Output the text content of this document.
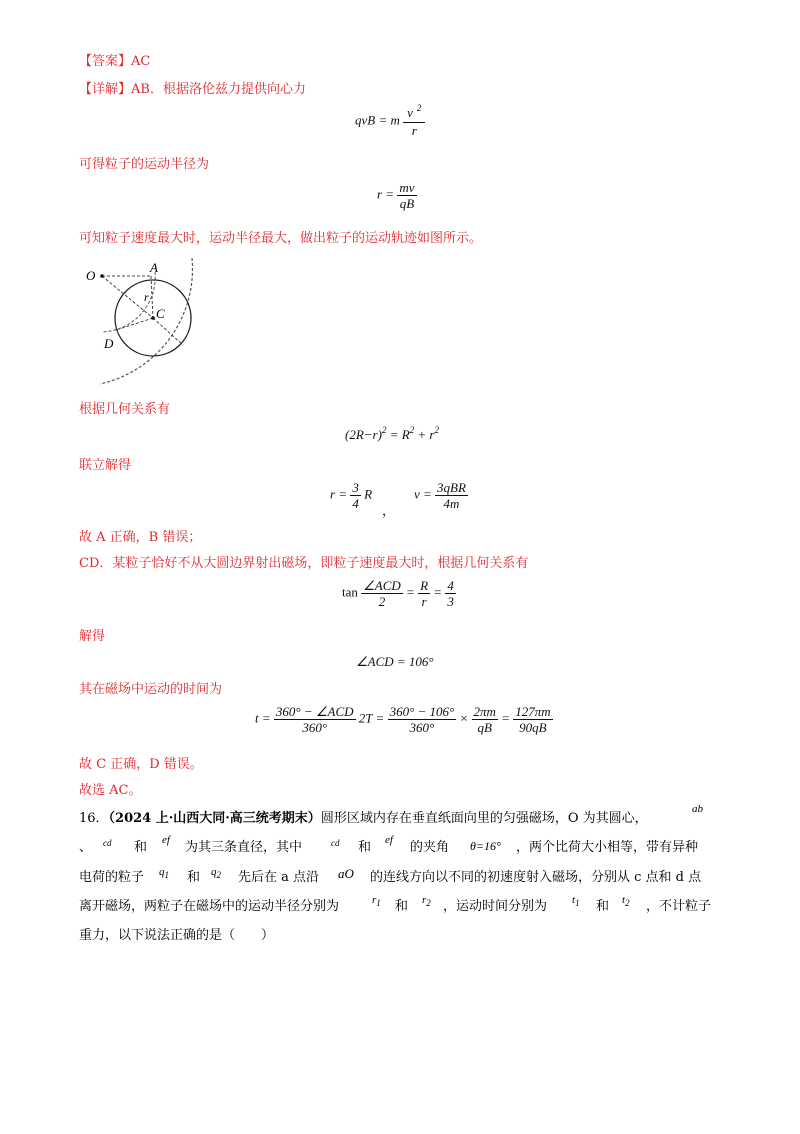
【答案】AC
【详解】AB．根据洛伦兹力提供向心力
qvB = m $\frac{v ^2}{r}$
可得粒子的运动半径为
$r = \frac{mv}{qB}$
可知粒子速度最大时，运动半径最大，做出粒子的运动轨迹如图所示。
O
A
r
C
D
根据几何关系有
$(2R-r)^2 = R^2 + r^2$
联立解得
$r = \frac{3}{4}$ R
，
$v = \frac{\text{3qBR}}{4m}$
故 A 正确，B 错误；
CD．某粒子恰好不从大圆边界射出磁场，即粒子速度最大时，根据几何关系有
$\tan \frac{\text{∠ACD}}{2} = \frac{R}{r} = \frac{4}{3}$
解得
∠ACD = 106°
其在磁场中运动的时间为
$t = \frac{\text{360° − ∠ACD}}{360^\circ} 2T = \frac{360^\circ - 106^\circ}{360^\circ} \times \frac{2\pi m}{qB} = \frac{127\pi m}{90qB}$
故 C 正确，D 错误。
故选 AC。
16．（2024 上·山西大同·高三统考期末）圆形区域内存在垂直纸面向里的匀强磁场，O 为其圆心，
ab
、 cd 和 ef 为其三条直径，其中	cd 和 ef 的夹角 θ=16° ，两个比荷大小相等，带有异种
电荷的粒子 $q_1$ 和 $q_2$ 先后在 a 点沿 aO 的连线方向以不同的初速度射入磁场，分别从 c 点和 d 点
离开磁场，两粒子在磁场中的运动半径分别为	$r_1$ 和 $r_2$ ，运动时间分别为 $t_1$ 和 $t_2$ ，不计粒子
重力，以下说法正确的是（　　）
